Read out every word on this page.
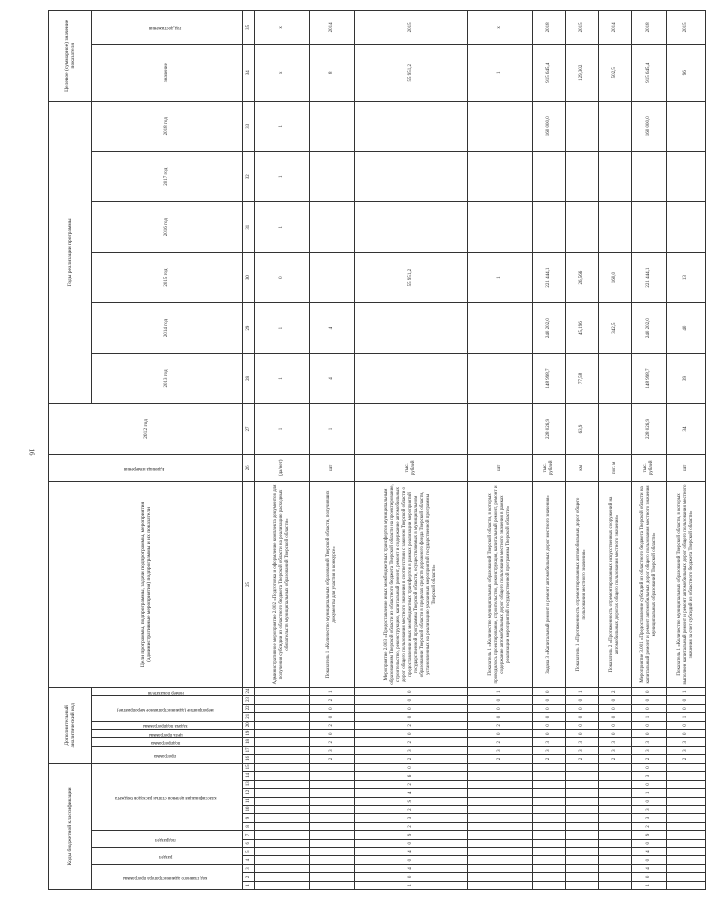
16
Коды бюджетной классификации															Дополнительный аналитический код									Цели программы, подпрограммы, задачи подпрограммы, мероприятия (административные мероприятия) подпрограммы и их показатели	Единица измерения	2012 год	Годы реализации программы						Целевое (суммарное) значение показателя	
код главного администратора программы			раздел		подраздел		классификация целевой статьи расходов бюджета								программа		подпрограмма	цель программы	задача подпрограммы	мероприятие (административное мероприятие)			номер показателя				2013 год	2014 год	2015 год	2016 год	2017 год	2018 год	значение	год достижения
1	2	3	4	5	6	7	8	9	10	11	12	13	14	15	16	17	18	19	20	21	22	23	24	25	26	27	28	29	30	31	32	33	34	35
																								Административное мероприятие 2.002 «Подготовка и оформление комплекта документов для получения субсидии из областного бюджета Тверской области на реализацию расходных обязательств муниципальных образований Тверской области»	(да/нет)	1	1	1	0	1	1	1	x	x
															2	3	2	0	2	0	0	2	1	Показатель 1 «Количество муниципальных образований Тверской области, получивших документы для участия в конкурсе»	шт	1	4	4					8	2014
1	0	4	0	4	0	9	2	3	2	S	4	2	6	0	2	3	2	0	2	0	0	0	0	Мероприятие 2.003 «Предоставление иных межбюджетных трансфертов муниципальным образованиям Тверской области из областного бюджета Тверской области на проектирование, строительство, реконструкцию, капитальный ремонт, ремонт и содержание автомобильных дорог общего пользования местного значения в соответствии с законом Тверской области о предоставлении иных межбюджетных трансфертов в рамках реализации мероприятий государственной программы Тверской области, осуществляемых в муниципальном образовании Тверской области в пределах средств дорожного фонда Тверской области, установленных на реализацию указанных мероприятий государственной программы Тверской области»	тыс. рублей				55 951,2				55 951,2	2015
															2	3	2	0	2	0	0	0	1	Показатель 1 «Количество муниципальных образований Тверской области, в которых проводилось проектирование, строительство, реконструкция, капитальный ремонт, ремонт и содержание автомобильных дорог общего пользования местного значения в рамках реализации мероприятий государственной программы Тверской области»	шт				1				1	x
															2	3	3	0	0	0	0	0	0	Задача 3 «Капитальный ремонт и ремонт автомобильных дорог местного значения»	тыс. рублей	228 026,9	148 998,7	240 202,0	221 444,1			160 000,0	915 645,4	2018
															2	3	3	0	0	0	0	0	1	Показатель 1 «Протяженность отремонтированных автомобильных дорог общего пользования местного значения»	км	63,9	77,58	45,196	26,566				129,302	2015
															2	3	3	0	0	0	0	0	2	Показатель 2 «Протяженность отремонтированных искусственных сооружений на автомобильных дорогах общего пользования местного значения»	пог. м			342,5	160,0				502,5	2014
1	0	4	0	4	0	9	2	3	3	0	1	0	3	0	2	3	3	0	0	1	0	0	0	Мероприятие 3.001 «Предоставление субсидий из областного бюджета Тверской области на капитальный ремонт и ремонт автомобильных дорог общего пользования местного значения муниципальных образований Тверской области»	тыс. рублей	228 026,9	148 998,7	240 202,0	221 444,1			160 000,0	915 645,4	2018
															2	3	3	0	0	1	0	0	1	Показатель 1 «Количество муниципальных образований Тверской области, в которых выполнен капитальный ремонт и ремонт автомобильных дорог общего пользования местного значения за счет субсидий из областного бюджета Тверской области»	шт	34	39	40	13				96	2015
